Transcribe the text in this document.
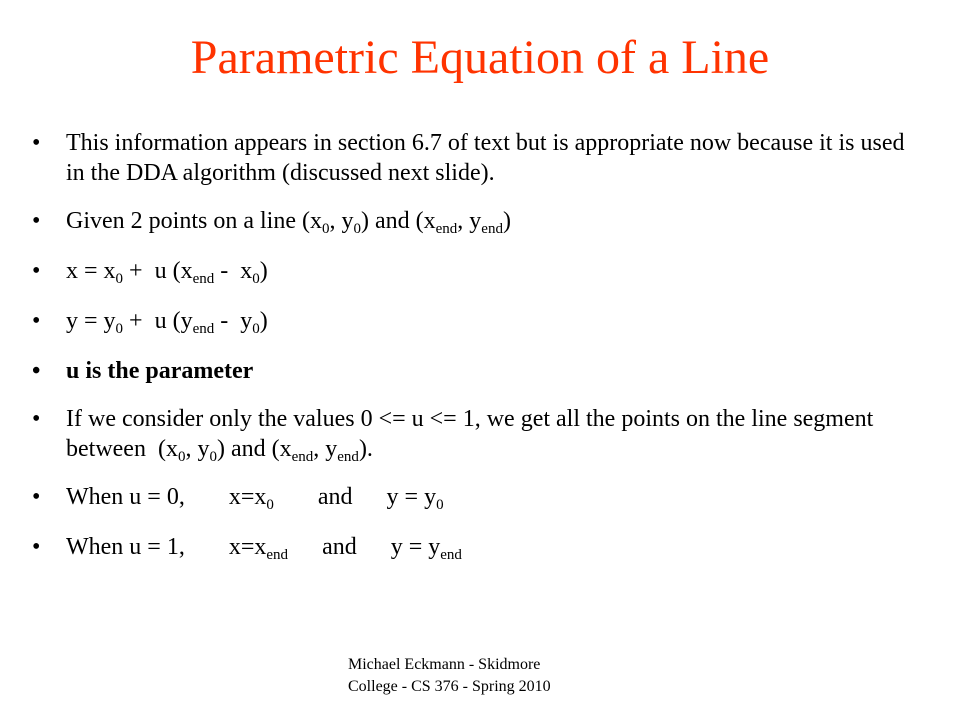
Parametric Equation of a Line
• This information appears in section 6.7 of text but is appropriate now because it is used in the DDA algorithm (discussed next slide).
• Given 2 points on a line ($x_0$, $y_0$) and ($x_{end}$, $y_{end}$)
• $x = x_0 + u$ $(x_{end} - x_0)$
• $y = y_0 + u$ $(y_{end} - y_0)$
• u is the parameter
• If we consider only the values 0 <= u <= 1, we get all the points on the line segment between  ($x_0$, $y_0$) and ($x_{end}$, $y_{end}$).
• When u = 0, $x=x_0$ and $y = y_0$
• When u = 1, $x=x_{end}$ and $y = y_{end}$
Michael Eckmann - Skidmore
College - CS 376 - Spring 2010
